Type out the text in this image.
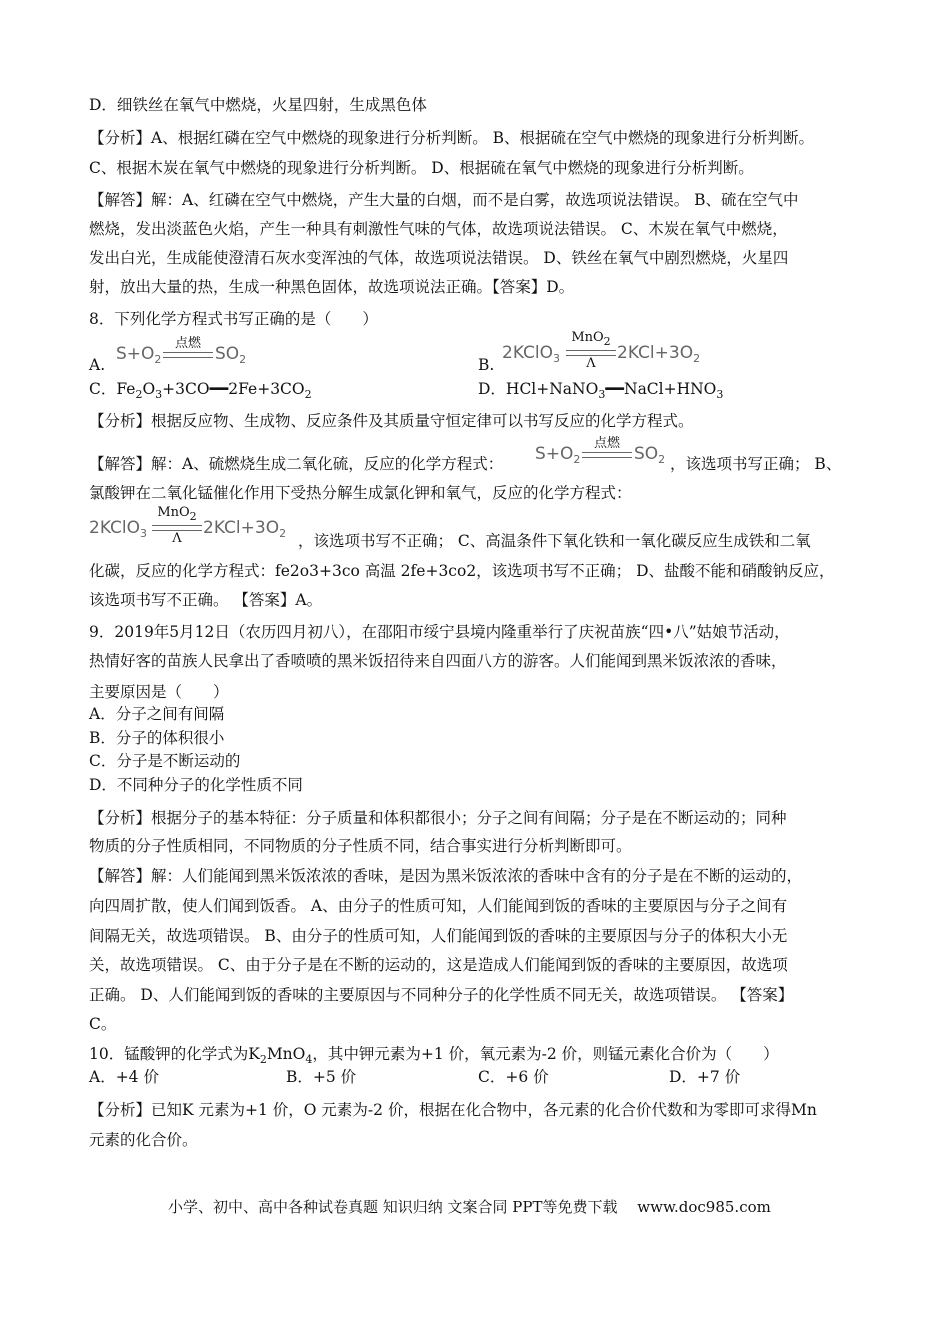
D．细铁丝在氧气中燃烧，火星四射，生成黑色体
【分析】A、根据红磷在空气中燃烧的现象进行分析判断。 B、根据硫在空气中燃烧的现象进行分析判断。
C、根据木炭在氧气中燃烧的现象进行分析判断。 D、根据硫在氧气中燃烧的现象进行分析判断。
【解答】解：A、红磷在空气中燃烧，产生大量的白烟，而不是白雾，故选项说法错误。 B、硫在空气中
燃烧，发出淡蓝色火焰，产生一种具有刺激性气味的气体，故选项说法错误。 C、木炭在氧气中燃烧，
发出白光，生成能使澄清石灰水变浑浊的气体，故选项说法错误。 D、铁丝在氧气中剧烈燃烧，火星四
射，放出大量的热，生成一种黑色固体，故选项说法正确。【答案】D。
8．下列化学方程式书写正确的是（　　）
A.
$S+O_2$
点燃
$SO_2$	B.
2KClO$_3$
MnO$_2$
Λ
$2KCl+3O_2$
C．$Fe_2O_3+3CO━━2Fe+3CO_2$	D．$HCl+NaNO_3━━NaCl+HNO_3$
【分析】根据反应物、生成物、反应条件及其质量守恒定律可以书写反应的化学方程式。
【解答】解：A、硫燃烧生成二氧化硫，反应的化学方程式： $S+O_2$
点燃
$SO_2$ ，该选项书写正确； B、
氯酸钾在二氧化锰催化作用下受热分解生成氯化钾和氧气，反应的化学方程式：
2KClO$_3$
MnO$_2$
Λ
$2KCl+3O_2$ ，该选项书写不正确； C、高温条件下氧化铁和一氧化碳反应生成铁和二氧
化碳，反应的化学方程式：fe2o3+3co 高温 2fe+3co2，该选项书写不正确； D、盐酸不能和硝酸钠反应，
该选项书写不正确。 【答案】A。
9．2019年5月12日（农历四月初八），在邵阳市绥宁县境内隆重举行了庆祝苗族“四•八”姑娘节活动，
热情好客的苗族人民拿出了香喷喷的黑米饭招待来自四面八方的游客。人们能闻到黑米饭浓浓的香味，
主要原因是（　　）
A．分子之间有间隔
B．分子的体积很小
C．分子是不断运动的
D．不同种分子的化学性质不同
【分析】根据分子的基本特征：分子质量和体积都很小；分子之间有间隔；分子是在不断运动的；同种
物质的分子性质相同，不同物质的分子性质不同，结合事实进行分析判断即可。
【解答】解：人们能闻到黑米饭浓浓的香味，是因为黑米饭浓浓的香味中含有的分子是在不断的运动的，
向四周扩散，使人们闻到饭香。 A、由分子的性质可知，人们能闻到饭的香味的主要原因与分子之间有
间隔无关，故选项错误。 B、由分子的性质可知，人们能闻到饭的香味的主要原因与分子的体积大小无
关，故选项错误。 C、由于分子是在不断的运动的，这是造成人们能闻到饭的香味的主要原因，故选项
正确。 D、人们能闻到饭的香味的主要原因与不同种分子的化学性质不同无关，故选项错误。 【答案】
C。
10．锰酸钾的化学式为$K_2MnO_4$，其中钾元素为+1 价，氧元素为-2 价，则锰元素化合价为（　　）
A．+4 价	B．+5 价	C．+6 价	D．+7 价
【分析】已知K 元素为+1 价，O 元素为-2 价，根据在化合物中，各元素的化合价代数和为零即可求得Mn
元素的化合价。
小学、初中、高中各种试卷真题 知识归纳 文案合同 PPT等免费下载　 www.doc985.com
